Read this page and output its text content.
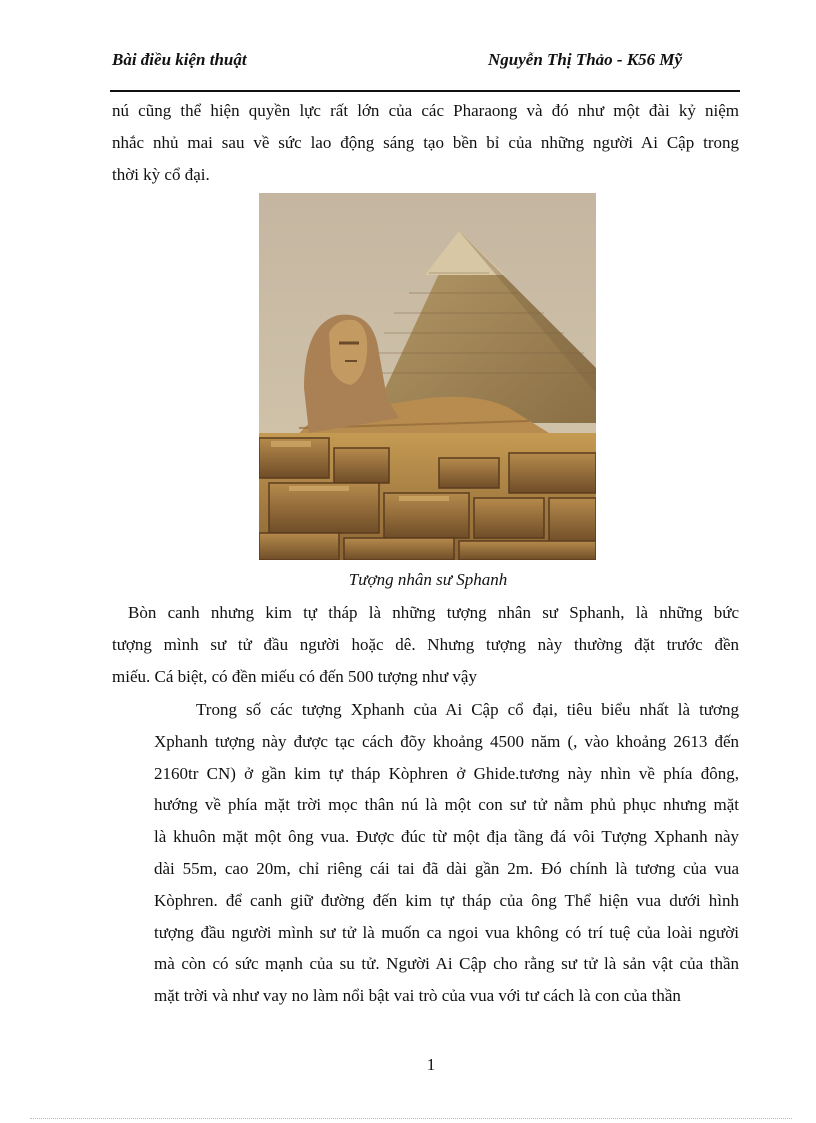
Bài điều kiện thuật	Nguyễn Thị Thảo - K56 Mỹ
nú cũng thể hiện quyền lực rất lớn của các Pharaong và đó như một đài kỷ niệm
nhắc nhủ mai sau về sức lao động sáng tạo bền bỉ của những người Ai Cập trong
thời kỳ cổ đại.
Tượng nhân sư Sphanh
Bòn canh nhưng kim tự tháp là những tượng nhân sư Sphanh, là những bức
tượng mình sư tử đầu người hoặc dê. Nhưng tượng này thường đặt trước đền
miếu. Cá biệt, có đền miếu có đến 500 tượng như vậy
Trong số các tượng Xphanh của Ai Cập cổ đại, tiêu biểu nhất là tương
Xphanh tượng này được tạc cách đõy khoảng 4500 năm (, vào khoảng 2613 đến
2160tr CN) ở gần kim tự tháp Kòphren ở Ghide.tương này nhìn về phía đông,
hướng về phía mặt trời mọc thân nú là một con sư tử nằm phủ phục nhưng mặt
là khuôn mặt một ông vua. Được đúc từ một địa tầng đá vôi Tượng Xphanh này
dài 55m, cao 20m, chỉ riêng cái tai đã dài gần 2m. Đó chính là tương của vua
Kòphren. để canh giữ đường đến kim tự tháp của ông Thể hiện vua dưới hình
tượng đầu người mình sư tử là muốn ca ngoi vua không có trí tuệ của loài người
mà còn có sức mạnh của su tử. Người Ai Cập cho rằng sư tử là sản vật của thần
mặt trời và như vay no làm nổi bật vai trò của vua với tư cách là con của thần
1
